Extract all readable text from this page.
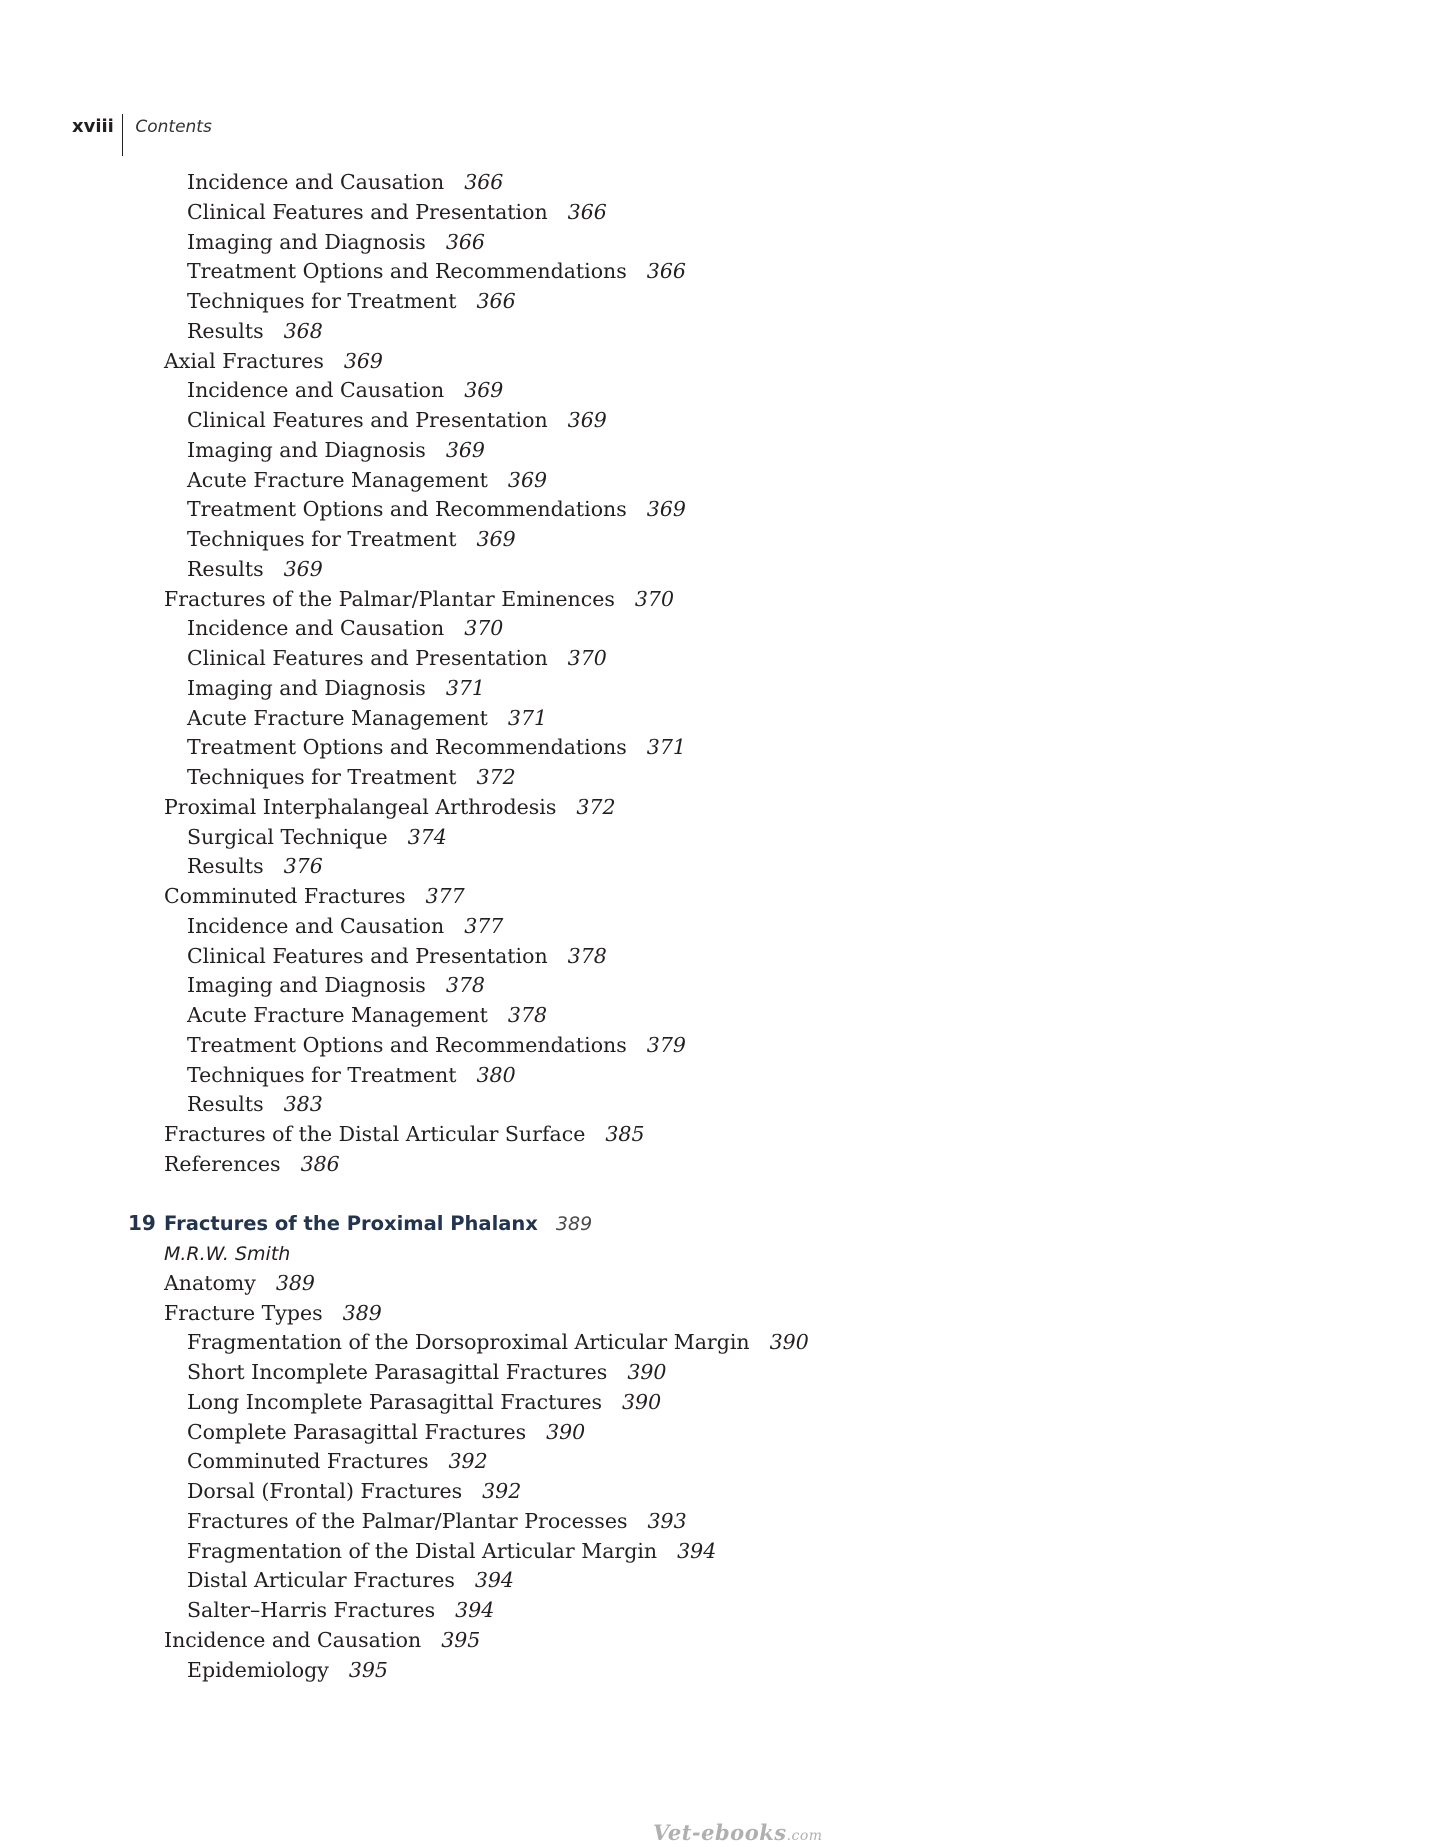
xviii	Contents
Incidence and Causation 366
Clinical Features and Presentation 366
Imaging and Diagnosis 366
Treatment Options and Recommendations 366
Techniques for Treatment 366
Results 368
Axial Fractures 369
Incidence and Causation 369
Clinical Features and Presentation 369
Imaging and Diagnosis 369
Acute Fracture Management 369
Treatment Options and Recommendations 369
Techniques for Treatment 369
Results 369
Fractures of the Palmar/Plantar Eminences 370
Incidence and Causation 370
Clinical Features and Presentation 370
Imaging and Diagnosis 371
Acute Fracture Management 371
Treatment Options and Recommendations 371
Techniques for Treatment 372
Proximal Interphalangeal Arthrodesis 372
Surgical Technique 374
Results 376
Comminuted Fractures 377
Incidence and Causation 377
Clinical Features and Presentation 378
Imaging and Diagnosis 378
Acute Fracture Management 378
Treatment Options and Recommendations 379
Techniques for Treatment 380
Results 383
Fractures of the Distal Articular Surface 385
References 386
19 Fractures of the Proximal Phalanx 389
M.R.W. Smith
Anatomy 389
Fracture Types 389
Fragmentation of the Dorsoproximal Articular Margin 390
Short Incomplete Parasagittal Fractures 390
Long Incomplete Parasagittal Fractures 390
Complete Parasagittal Fractures 390
Comminuted Fractures 392
Dorsal (Frontal) Fractures 392
Fractures of the Palmar/Plantar Processes 393
Fragmentation of the Distal Articular Margin 394
Distal Articular Fractures 394
Salter–Harris Fractures 394
Incidence and Causation 395
Epidemiology 395
Vet-ebooks.com
